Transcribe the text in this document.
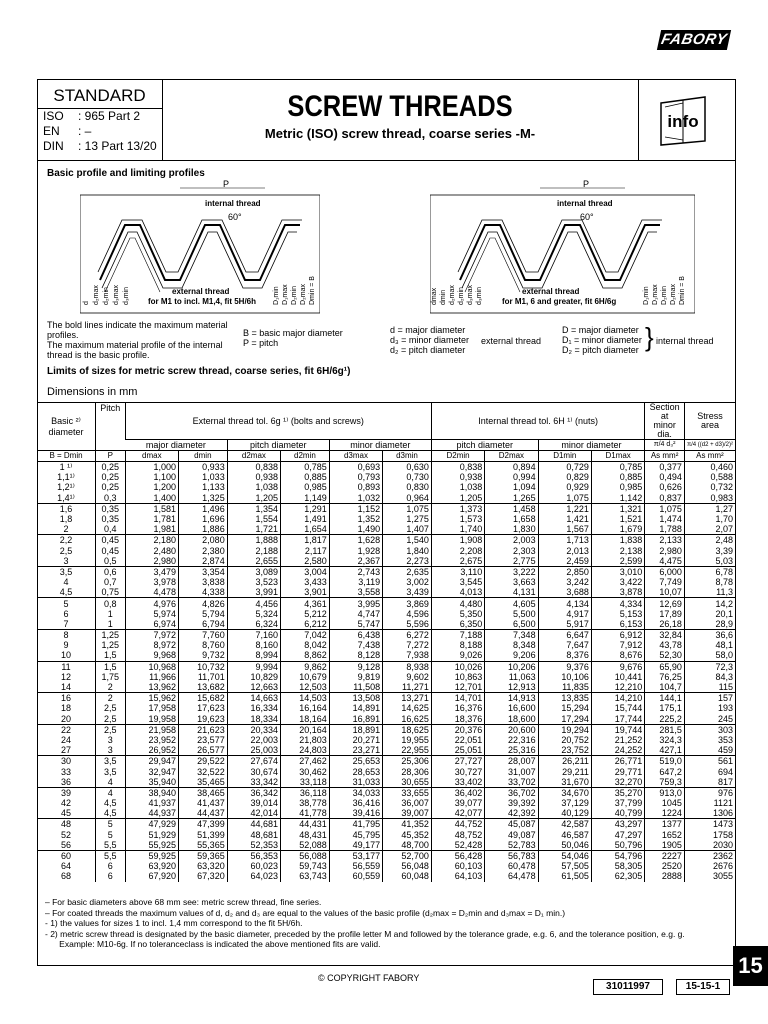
FABORY
STANDARD
ISO	: 965 Part 2
EN	: –
DIN	: 13 Part 13/20
SCREW THREADS
Metric (ISO) screw thread, coarse series -M-
info
Basic profile and limiting profiles
P
internal thread
60°
external thread
for M1 to incl. M1,4, fit 5H/6h
d d₂max d₂min d₃max d₃min	D₁min D₁max D₂min D₂max Dmin = B
P
internal thread
60°
external thread
for M1, 6 and greater, fit 6H/6g
dmax dmin d₂max d₂min d₃max d₃min	D₁min D₁max D₂min D₂max Dmin = B
The bold lines indicate the maximum material profiles.
The maximum material profile of the internal thread is the basic profile.
B = basic major diameter
P = pitch
d = major diameter
d₃ = minor diameter
d₂ = pitch diameter
external thread
D = major diameter
D₁ = minor diameter
D₂ = pitch diameter } internal thread
Limits of sizes for metric screw thread, coarse series, fit 6H/6g¹)
Dimensions in mm
Basic ²⁾
diameter	Pitch	External thread tol. 6g ¹⁾ (bolts and screws)						Internal thread tol. 6H ¹⁾ (nuts)				Section at
minor dia.	Stress
area
		major diameter		pitch diameter		minor diameter		pitch diameter		minor diameter		π/4 d₃²	π/4 ((d2 + d3)/2)²
B = Dmin	P	dmax	dmin	d2max	d2min	d3max	d3min	D2min	D2max	D1min	D1max	As mm²	As mm²
1 ¹⁾	0,25	1,000	0,933	0,838	0,785	0,693	0,630	0,838	0,894	0,729	0,785	0,377	0,460
1,1¹⁾	0,25	1,100	1,033	0,938	0,885	0,793	0,730	0,938	0,994	0,829	0,885	0,494	0,588
1,2¹⁾	0,25	1,200	1,133	1,038	0,985	0,893	0,830	1,038	1,094	0,929	0,985	0,626	0,732
1,4¹⁾	0,3	1,400	1,325	1,205	1,149	1,032	0,964	1,205	1,265	1,075	1,142	0,837	0,983
1,6	0,35	1,581	1,496	1,354	1,291	1,152	1,075	1,373	1,458	1,221	1,321	1,075	1,27
1,8	0,35	1,781	1,696	1,554	1,491	1,352	1,275	1,573	1,658	1,421	1,521	1,474	1,70
2	0,4	1,981	1,886	1,721	1,654	1,490	1,407	1,740	1,830	1,567	1,679	1,788	2,07
2,2	0,45	2,180	2,080	1,888	1,817	1,628	1,540	1,908	2,003	1,713	1,838	2,133	2,48
2,5	0,45	2,480	2,380	2,188	2,117	1,928	1,840	2,208	2,303	2,013	2,138	2,980	3,39
3	0,5	2,980	2,874	2,655	2,580	2,367	2,273	2,675	2,775	2,459	2,599	4,475	5,03
3,5	0,6	3,479	3,354	3,089	3,004	2,743	2,635	3,110	3,222	2,850	3,010	6,000	6,78
4	0,7	3,978	3,838	3,523	3,433	3,119	3,002	3,545	3,663	3,242	3,422	7,749	8,78
4,5	0,75	4,478	4,338	3,991	3,901	3,558	3,439	4,013	4,131	3,688	3,878	10,07	11,3
5	0,8	4,976	4,826	4,456	4,361	3,995	3,869	4,480	4,605	4,134	4,334	12,69	14,2
6	1	5,974	5,794	5,324	5,212	4,747	4,596	5,350	5,500	4,917	5,153	17,89	20,1
7	1	6,974	6,794	6,324	6,212	5,747	5,596	6,350	6,500	5,917	6,153	26,18	28,9
8	1,25	7,972	7,760	7,160	7,042	6,438	6,272	7,188	7,348	6,647	6,912	32,84	36,6
9	1,25	8,972	8,760	8,160	8,042	7,438	7,272	8,188	8,348	7,647	7,912	43,78	48,1
10	1,5	9,968	9,732	8,994	8,862	8,128	7,938	9,026	9,206	8,376	8,676	52,30	58,0
11	1,5	10,968	10,732	9,994	9,862	9,128	8,938	10,026	10,206	9,376	9,676	65,90	72,3
12	1,75	11,966	11,701	10,829	10,679	9,819	9,602	10,863	11,063	10,106	10,441	76,25	84,3
14	2	13,962	13,682	12,663	12,503	11,508	11,271	12,701	12,913	11,835	12,210	104,7	115
16	2	15,962	15,682	14,663	14,503	13,508	13,271	14,701	14,913	13,835	14,210	144,1	157
18	2,5	17,958	17,623	16,334	16,164	14,891	14,625	16,376	16,600	15,294	15,744	175,1	193
20	2,5	19,958	19,623	18,334	18,164	16,891	16,625	18,376	18,600	17,294	17,744	225,2	245
22	2,5	21,958	21,623	20,334	20,164	18,891	18,625	20,376	20,600	19,294	19,744	281,5	303
24	3	23,952	23,577	22,003	21,803	20,271	19,955	22,051	22,316	20,752	21,252	324,3	353
27	3	26,952	26,577	25,003	24,803	23,271	22,955	25,051	25,316	23,752	24,252	427,1	459
30	3,5	29,947	29,522	27,674	27,462	25,653	25,306	27,727	28,007	26,211	26,771	519,0	561
33	3,5	32,947	32,522	30,674	30,462	28,653	28,306	30,727	31,007	29,211	29,771	647,2	694
36	4	35,940	35,465	33,342	33,118	31,033	30,655	33,402	33,702	31,670	32,270	759,3	817
39	4	38,940	38,465	36,342	36,118	34,033	33,655	36,402	36,702	34,670	35,270	913,0	976
42	4,5	41,937	41,437	39,014	38,778	36,416	36,007	39,077	39,392	37,129	37,799	1045	1121
45	4,5	44,937	44,437	42,014	41,778	39,416	39,007	42,077	42,392	40,129	40,799	1224	1306
48	5	47,929	47,399	44,681	44,431	41,795	41,352	44,752	45,087	42,587	43,297	1377	1473
52	5	51,929	51,399	48,681	48,431	45,795	45,352	48,752	49,087	46,587	47,297	1652	1758
56	5,5	55,925	55,365	52,353	52,088	49,177	48,700	52,428	52,783	50,046	50,796	1905	2030
60	5,5	59,925	59,365	56,353	56,088	53,177	52,700	56,428	56,783	54,046	54,796	2227	2362
64	6	63,920	63,320	60,023	59,743	56,559	56,048	60,103	60,478	57,505	58,305	2520	2676
68	6	67,920	67,320	64,023	63,743	60,559	60,048	64,103	64,478	61,505	62,305	2888	3055
– For basic diameters above 68 mm see: metric screw thread, fine series.
– For coated threads the maximum values of d, d₂ and d₃ are equal to the values of the basic profile (d₂max = D₂min and d₃max = D₁ min.)
- 1) the values for sizes 1 to incl. 1,4 mm correspond to the fit 5H/6h.
- 2) metric screw thread is designated by the basic diameter, preceded by the profile letter M and followed by the tolerance grade, e.g. 6, and the tolerance position, e.g. g.
Example: M10-6g. If no tolerancеclass is indicated the above mentioned fits are valid.
© COPYRIGHT FABORY	15
31011997	15-15-1
